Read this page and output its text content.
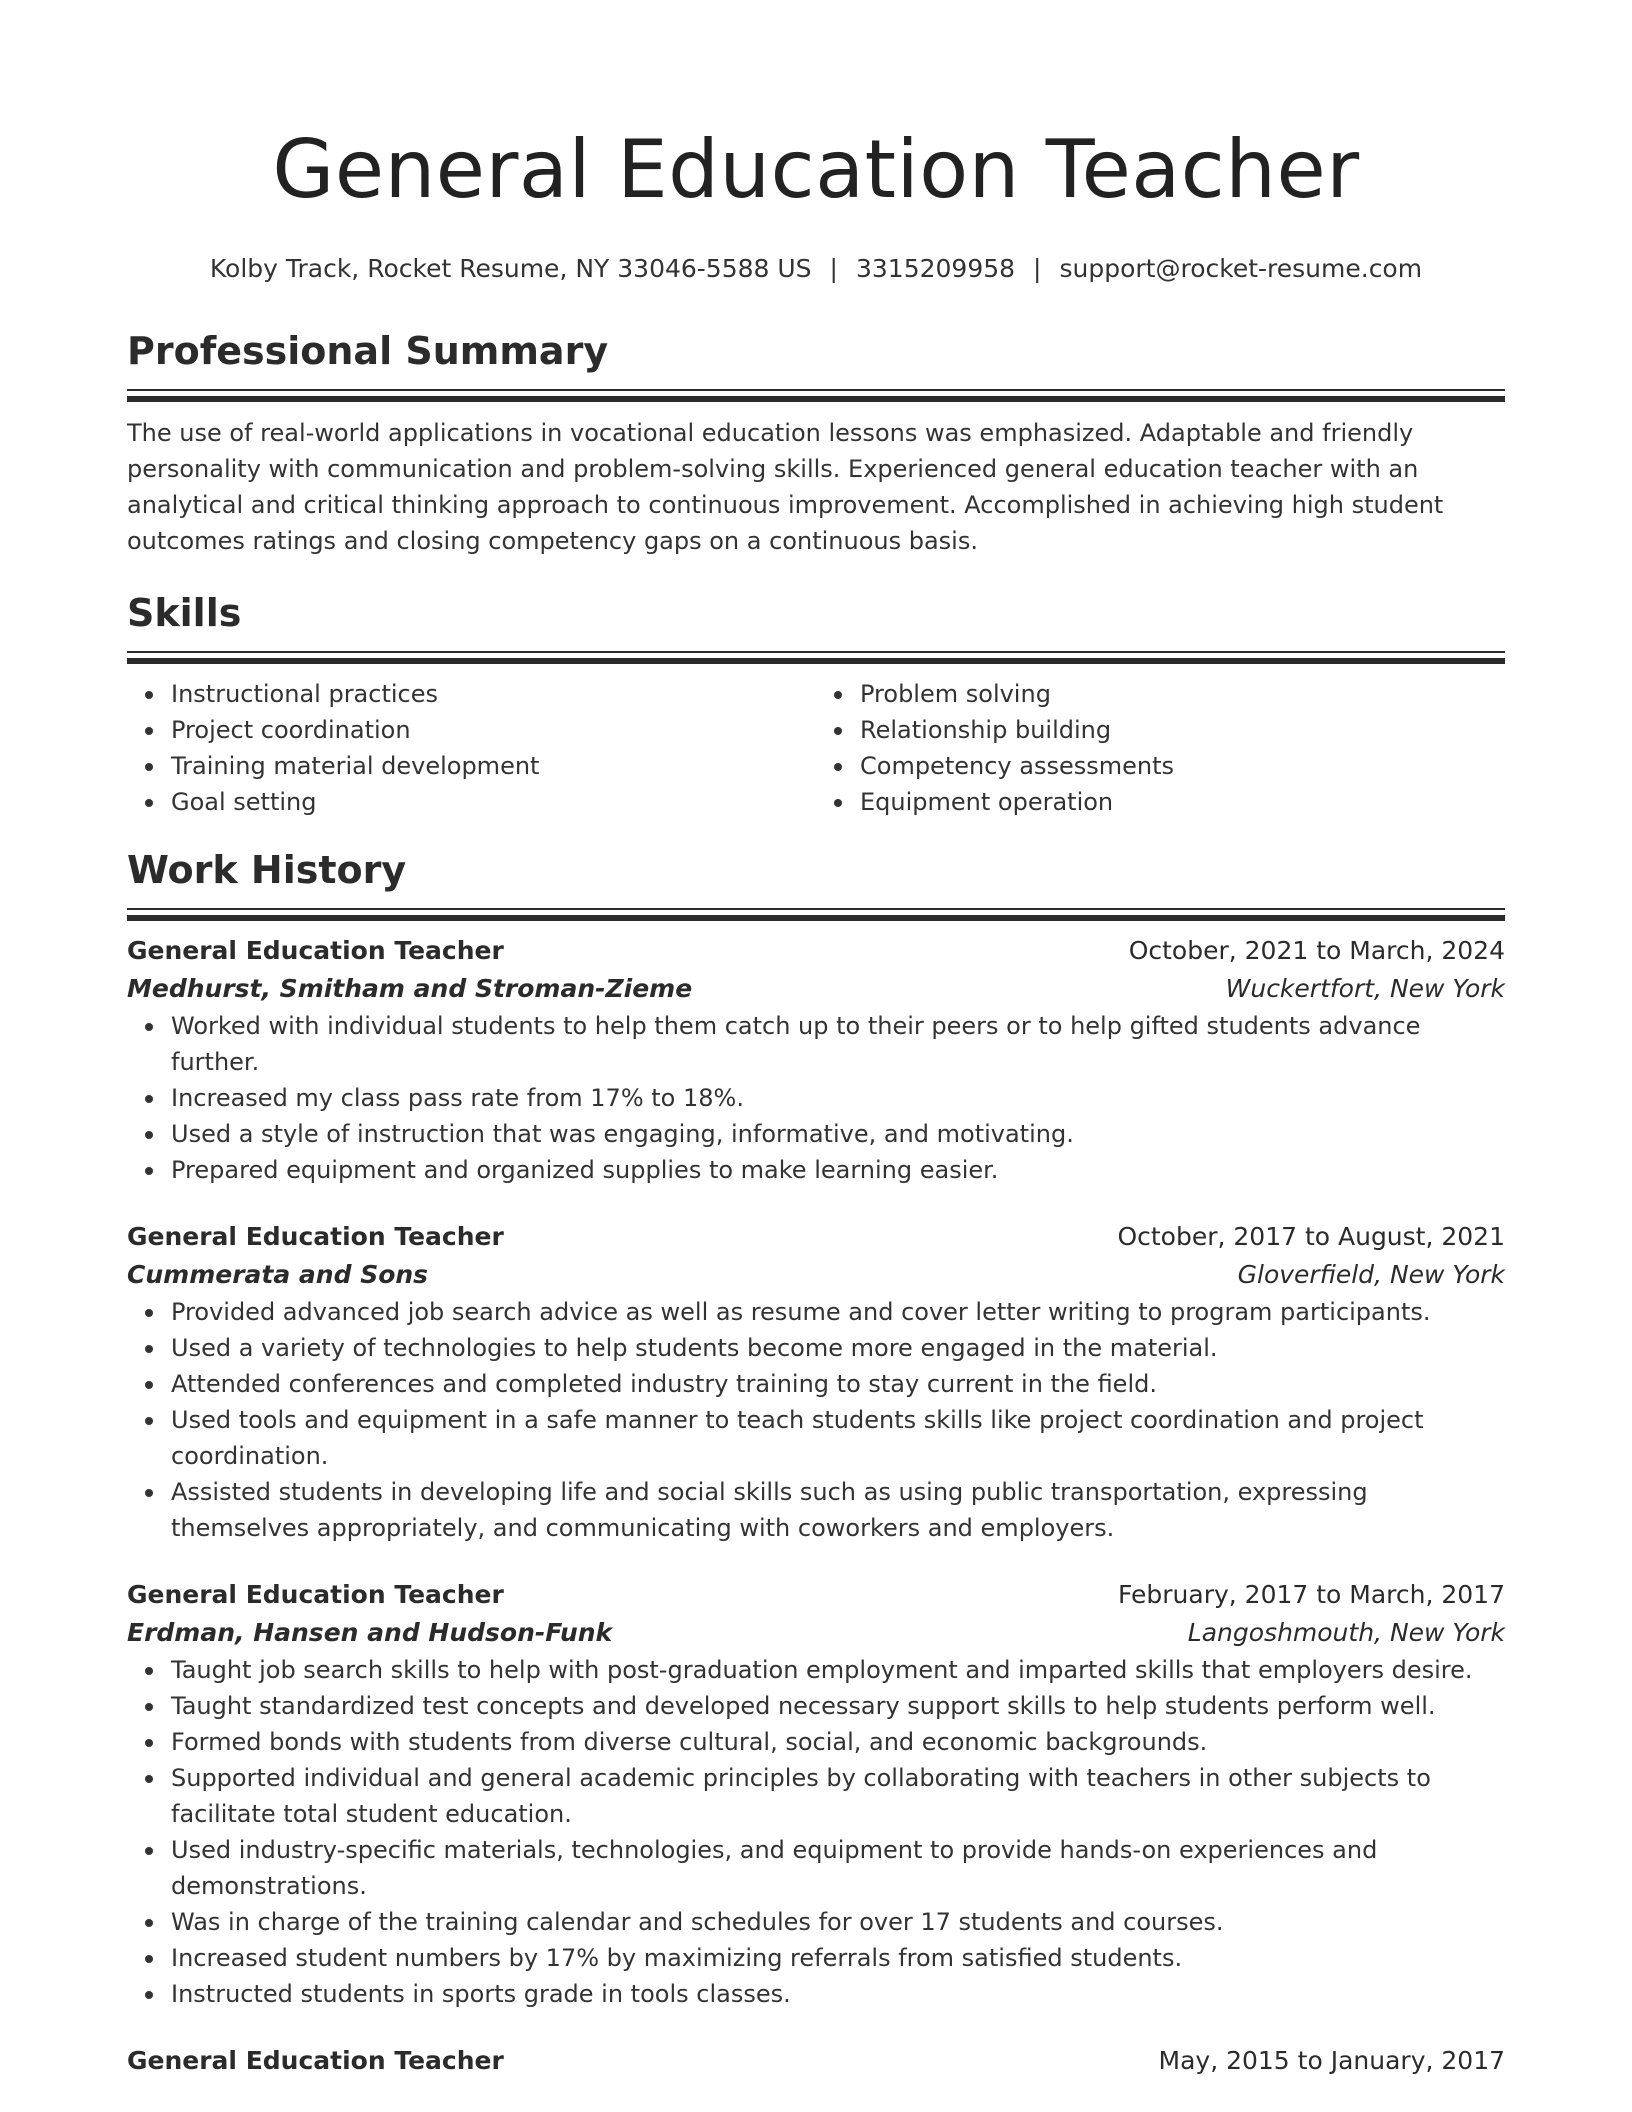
General Education Teacher
Kolby Track, Rocket Resume, NY 33046-5588 US | 3315209958 | support@rocket-resume.com
Professional Summary

The use of real-world applications in vocational education lessons was emphasized. Adaptable and friendly personality with communication and problem-solving skills. Experienced general education teacher with an analytical and critical thinking approach to continuous improvement. Accomplished in achieving high student outcomes ratings and closing competency gaps on a continuous basis.

Skills
Instructional practices
Project coordination
Training material development
Goal setting
Problem solving
Relationship building
Competency assessments
Equipment operation
Work History
General Education Teacher	October, 2021 to March, 2024
Medhurst, Smitham and Stroman-Zieme	Wuckertfort, New York
Worked with individual students to help them catch up to their peers or to help gifted students advance further.
Increased my class pass rate from 17% to 18%.
Used a style of instruction that was engaging, informative, and motivating.
Prepared equipment and organized supplies to make learning easier.
General Education Teacher	October, 2017 to August, 2021
Cummerata and Sons	Gloverfield, New York
Provided advanced job search advice as well as resume and cover letter writing to program participants.
Used a variety of technologies to help students become more engaged in the material.
Attended conferences and completed industry training to stay current in the field.
Used tools and equipment in a safe manner to teach students skills like project coordination and project coordination.
Assisted students in developing life and social skills such as using public transportation, expressing themselves appropriately, and communicating with coworkers and employers.
General Education Teacher	February, 2017 to March, 2017
Erdman, Hansen and Hudson-Funk	Langoshmouth, New York
Taught job search skills to help with post-graduation employment and imparted skills that employers desire.
Taught standardized test concepts and developed necessary support skills to help students perform well.
Formed bonds with students from diverse cultural, social, and economic backgrounds.
Supported individual and general academic principles by collaborating with teachers in other subjects to facilitate total student education.
Used industry-specific materials, technologies, and equipment to provide hands-on experiences and demonstrations.
Was in charge of the training calendar and schedules for over 17 students and courses.
Increased student numbers by 17% by maximizing referrals from satisfied students.
Instructed students in sports grade in tools classes.
General Education Teacher	May, 2015 to January, 2017
